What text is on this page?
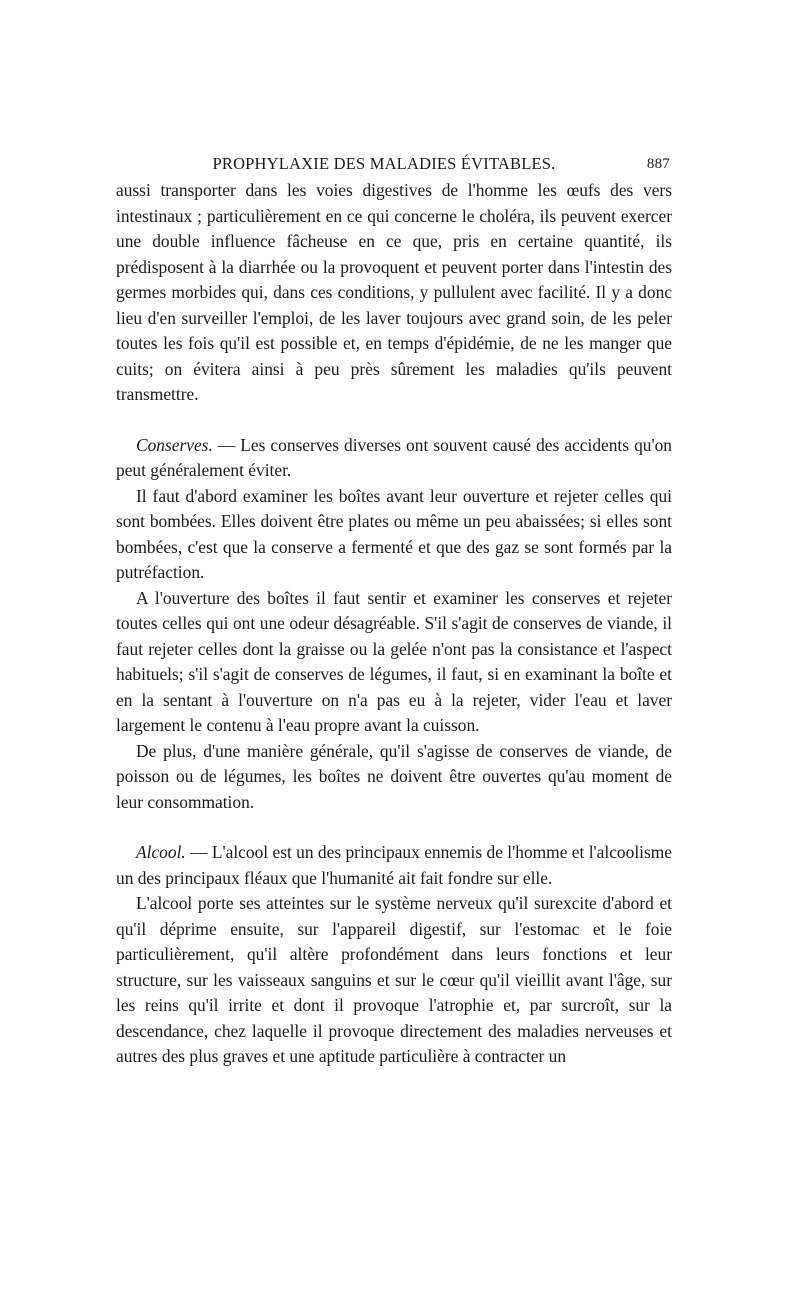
PROPHYLAXIE DES MALADIES ÉVITABLES.	887

aussi transporter dans les voies digestives de l'homme les œufs des vers intestinaux ; particulièrement en ce qui concerne le choléra, ils peuvent exercer une double influence fâcheuse en ce que, pris en certaine quantité, ils prédisposent à la diarrhée ou la provoquent et peuvent porter dans l'intestin des germes morbides qui, dans ces conditions, y pullulent avec facilité. Il y a donc lieu d'en surveiller l'emploi, de les laver toujours avec grand soin, de les peler toutes les fois qu'il est possible et, en temps d'épidémie, de ne les manger que cuits; on évitera ainsi à peu près sûrement les maladies qu'ils peuvent transmettre.

Conserves. — Les conserves diverses ont souvent causé des accidents qu'on peut généralement éviter.

Il faut d'abord examiner les boîtes avant leur ouverture et rejeter celles qui sont bombées. Elles doivent être plates ou même un peu abaissées; si elles sont bombées, c'est que la conserve a fermenté et que des gaz se sont formés par la putréfaction.

A l'ouverture des boîtes il faut sentir et examiner les conserves et rejeter toutes celles qui ont une odeur désagréable. S'il s'agit de conserves de viande, il faut rejeter celles dont la graisse ou la gelée n'ont pas la consistance et l'aspect habituels; s'il s'agit de conserves de légumes, il faut, si en examinant la boîte et en la sentant à l'ouverture on n'a pas eu à la rejeter, vider l'eau et laver largement le contenu à l'eau propre avant la cuisson.

De plus, d'une manière générale, qu'il s'agisse de conserves de viande, de poisson ou de légumes, les boîtes ne doivent être ouvertes qu'au moment de leur consommation.

Alcool. — L'alcool est un des principaux ennemis de l'homme et l'alcoolisme un des principaux fléaux que l'humanité ait fait fondre sur elle.

L'alcool porte ses atteintes sur le système nerveux qu'il surexcite d'abord et qu'il déprime ensuite, sur l'appareil digestif, sur l'estomac et le foie particulièrement, qu'il altère profondément dans leurs fonctions et leur structure, sur les vaisseaux sanguins et sur le cœur qu'il vieillit avant l'âge, sur les reins qu'il irrite et dont il provoque l'atrophie et, par surcroît, sur la descendance, chez laquelle il provoque directement des maladies nerveuses et autres des plus graves et une aptitude particulière à contracter un
